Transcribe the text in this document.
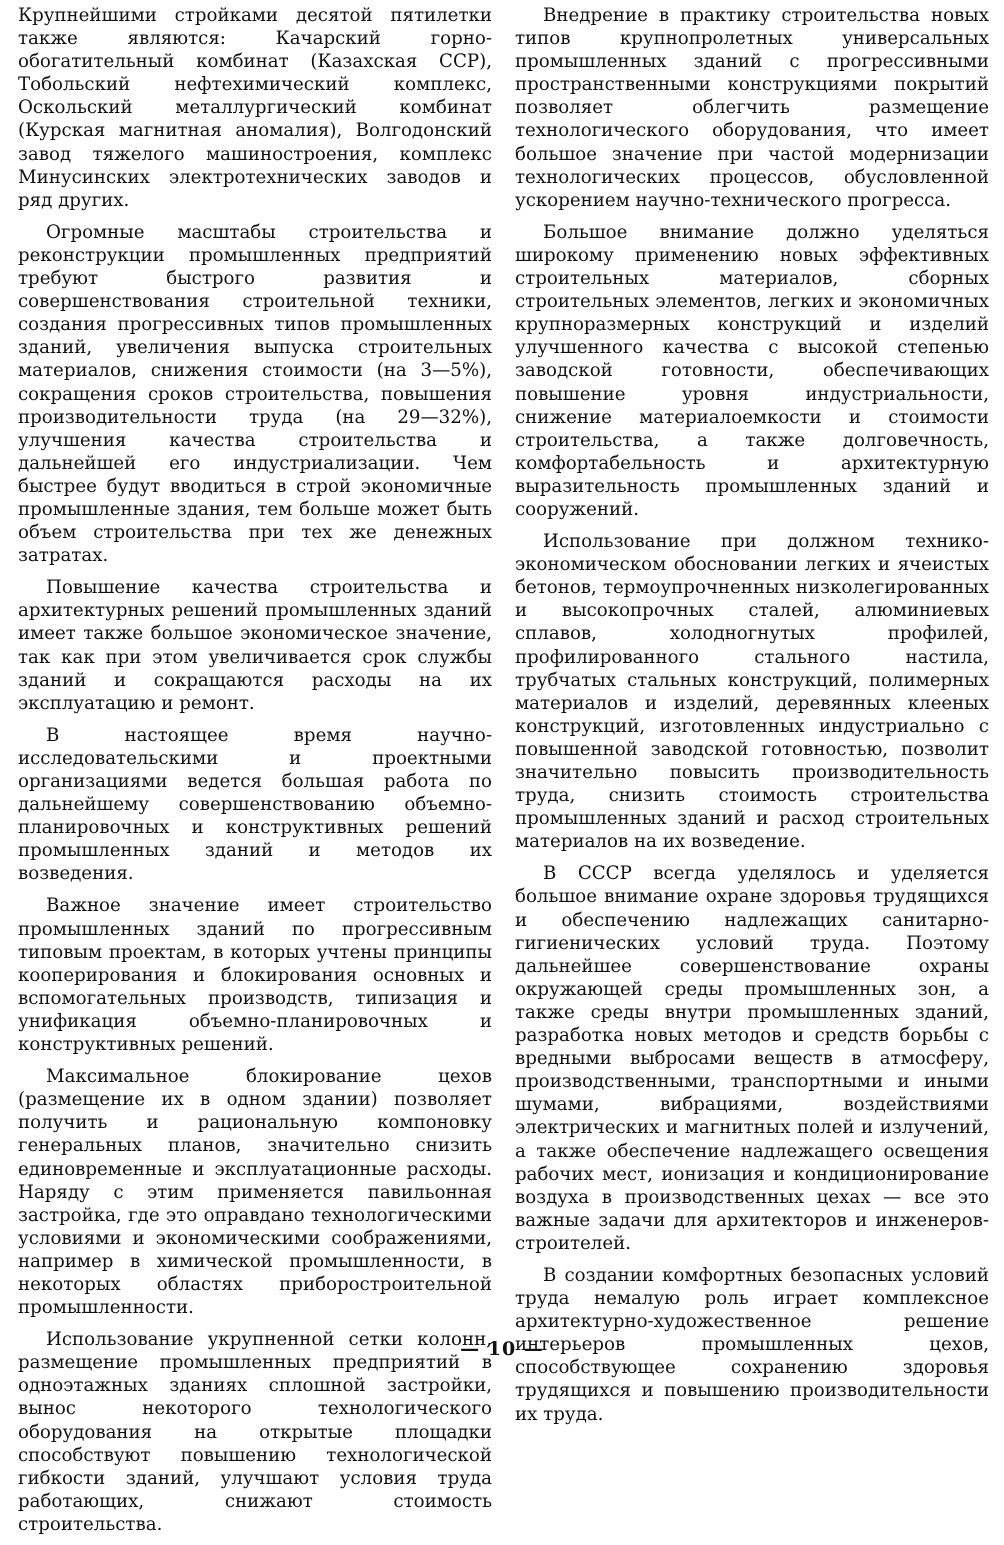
Крупнейшими стройками десятой пятилетки также являются: Качарский горно-обогатительный комбинат (Казахская ССР), Тобольский нефтехимический комплекс, Оскольский металлургический комбинат (Курская магнитная аномалия), Волгодонский завод тяжелого машиностроения, комплекс Минусинских электротехнических заводов и ряд других.

Огромные масштабы строительства и реконструкции промышленных предприятий требуют быстрого развития и совершенствования строительной техники, создания прогрессивных типов промышленных зданий, увеличения выпуска строительных материалов, снижения стоимости (на 3—5%), сокращения сроков строительства, повышения производительности труда (на 29—32%), улучшения качества строительства и дальнейшей его индустриализации. Чем быстрее будут вводиться в строй экономичные промышленные здания, тем больше может быть объем строительства при тех же денежных затратах.

Повышение качества строительства и архитектурных решений промышленных зданий имеет также большое экономическое значение, так как при этом увеличивается срок службы зданий и сокращаются расходы на их эксплуатацию и ремонт.

В настоящее время научно-исследовательскими и проектными организациями ведется большая работа по дальнейшему совершенствованию объемно-планировочных и конструктивных решений промышленных зданий и методов их возведения.

Важное значение имеет строительство промышленных зданий по прогрессивным типовым проектам, в которых учтены принципы кооперирования и блокирования основных и вспомогательных производств, типизация и унификация объемно-планировочных и конструктивных решений.

Максимальное блокирование цехов (размещение их в одном здании) позволяет получить и рациональную компоновку генеральных планов, значительно снизить единовременные и эксплуатационные расходы. Наряду с этим применяется павильонная застройка, где это оправдано технологическими условиями и экономическими соображениями, например в химической промышленности, в некоторых областях приборостроительной промышленности.

Использование укрупненной сетки колонн, размещение промышленных предприятий в одноэтажных зданиях сплошной застройки, вынос некоторого технологического оборудования на открытые площадки способствуют повышению технологической гибкости зданий, улучшают условия труда работающих, снижают стоимость строительства.

Внедрение в практику строительства новых типов крупнопролетных универсальных промышленных зданий с прогрессивными пространственными конструкциями покрытий позволяет облегчить размещение технологического оборудования, что имеет большое значение при частой модернизации технологических процессов, обусловленной ускорением научно-технического прогресса.

Большое внимание должно уделяться широкому применению новых эффективных строительных материалов, сборных строительных элементов, легких и экономичных крупноразмерных конструкций и изделий улучшенного качества с высокой степенью заводской готовности, обеспечивающих повышение уровня индустриальности, снижение материалоемкости и стоимости строительства, а также долговечность, комфортабельность и архитектурную выразительность промышленных зданий и сооружений.

Использование при должном технико-экономическом обосновании легких и ячеистых бетонов, термоупрочненных низколегированных и высокопрочных сталей, алюминиевых сплавов, холодногнутых профилей, профилированного стального настила, трубчатых стальных конструкций, полимерных материалов и изделий, деревянных клееных конструкций, изготовленных индустриально с повышенной заводской готовностью, позволит значительно повысить производительность труда, снизить стоимость строительства промышленных зданий и расход строительных материалов на их возведение.

В СССР всегда уделялось и уделяется большое внимание охране здоровья трудящихся и обеспечению надлежащих санитарно-гигиенических условий труда. Поэтому дальнейшее совершенствование охраны окружающей среды промышленных зон, а также среды внутри промышленных зданий, разработка новых методов и средств борьбы с вредными выбросами веществ в атмосферу, производственными, транспортными и иными шумами, вибрациями, воздействиями электрических и магнитных полей и излучений, а также обеспечение надлежащего освещения рабочих мест, ионизация и кондиционирование воздуха в производственных цехах — все это важные задачи для архитекторов и инженеров-строителей.

В создании комфортных безопасных условий труда немалую роль играет комплексное архитектурно-художественное решение интерьеров промышленных цехов, способствующее сохранению здоровья трудящихся и повышению производительности их труда.

— 10 —
